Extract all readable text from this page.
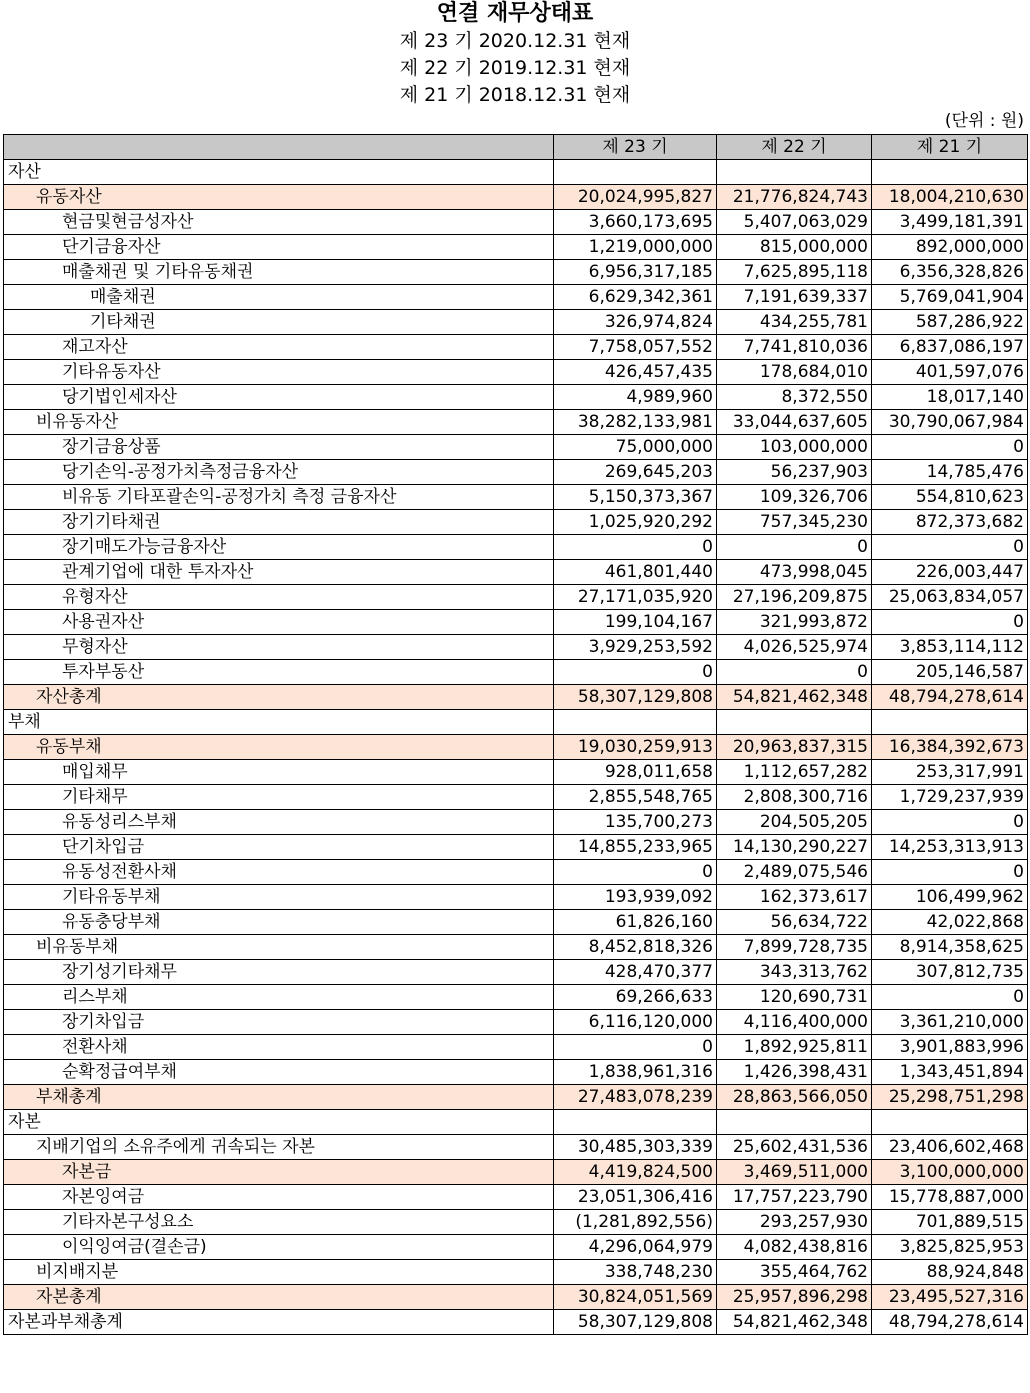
연결 재무상태표
제 23 기 2020.12.31 현재
제 22 기 2019.12.31 현재
제 21 기 2018.12.31 현재
(단위 : 원)
	제 23 기	제 22 기	제 21 기
자산			
유동자산	20,024,995,827	21,776,824,743	18,004,210,630
현금및현금성자산	3,660,173,695	5,407,063,029	3,499,181,391
단기금융자산	1,219,000,000	815,000,000	892,000,000
매출채권 및 기타유동채권	6,956,317,185	7,625,895,118	6,356,328,826
매출채권	6,629,342,361	7,191,639,337	5,769,041,904
기타채권	326,974,824	434,255,781	587,286,922
재고자산	7,758,057,552	7,741,810,036	6,837,086,197
기타유동자산	426,457,435	178,684,010	401,597,076
당기법인세자산	4,989,960	8,372,550	18,017,140
비유동자산	38,282,133,981	33,044,637,605	30,790,067,984
장기금융상품	75,000,000	103,000,000	0
당기손익-공정가치측정금융자산	269,645,203	56,237,903	14,785,476
비유동 기타포괄손익-공정가치 측정 금융자산	5,150,373,367	109,326,706	554,810,623
장기기타채권	1,025,920,292	757,345,230	872,373,682
장기매도가능금융자산	0	0	0
관계기업에 대한 투자자산	461,801,440	473,998,045	226,003,447
유형자산	27,171,035,920	27,196,209,875	25,063,834,057
사용권자산	199,104,167	321,993,872	0
무형자산	3,929,253,592	4,026,525,974	3,853,114,112
투자부동산	0	0	205,146,587
자산총계	58,307,129,808	54,821,462,348	48,794,278,614
부채			
유동부채	19,030,259,913	20,963,837,315	16,384,392,673
매입채무	928,011,658	1,112,657,282	253,317,991
기타채무	2,855,548,765	2,808,300,716	1,729,237,939
유동성리스부채	135,700,273	204,505,205	0
단기차입금	14,855,233,965	14,130,290,227	14,253,313,913
유동성전환사채	0	2,489,075,546	0
기타유동부채	193,939,092	162,373,617	106,499,962
유동충당부채	61,826,160	56,634,722	42,022,868
비유동부채	8,452,818,326	7,899,728,735	8,914,358,625
장기성기타채무	428,470,377	343,313,762	307,812,735
리스부채	69,266,633	120,690,731	0
장기차입금	6,116,120,000	4,116,400,000	3,361,210,000
전환사채	0	1,892,925,811	3,901,883,996
순확정급여부채	1,838,961,316	1,426,398,431	1,343,451,894
부채총계	27,483,078,239	28,863,566,050	25,298,751,298
자본			
지배기업의 소유주에게 귀속되는 자본	30,485,303,339	25,602,431,536	23,406,602,468
자본금	4,419,824,500	3,469,511,000	3,100,000,000
자본잉여금	23,051,306,416	17,757,223,790	15,778,887,000
기타자본구성요소	(1,281,892,556)	293,257,930	701,889,515
이익잉여금(결손금)	4,296,064,979	4,082,438,816	3,825,825,953
비지배지분	338,748,230	355,464,762	88,924,848
자본총계	30,824,051,569	25,957,896,298	23,495,527,316
자본과부채총계	58,307,129,808	54,821,462,348	48,794,278,614
